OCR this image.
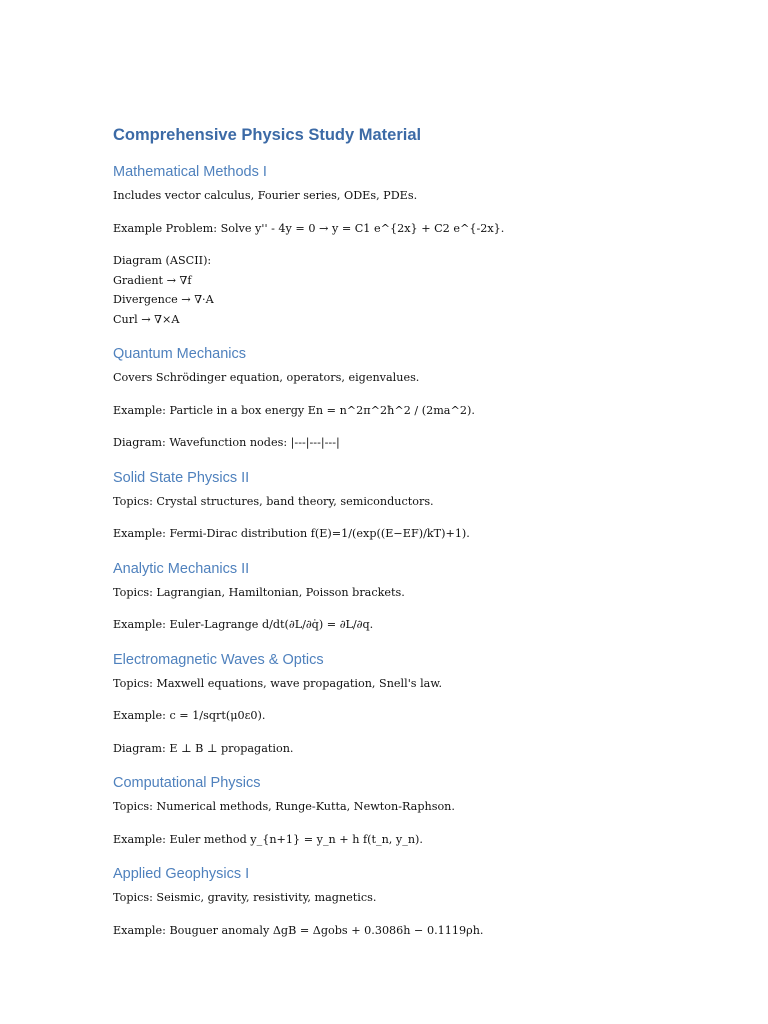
Comprehensive Physics Study Material
Mathematical Methods I
Includes vector calculus, Fourier series, ODEs, PDEs.
Example Problem: Solve y'' - 4y = 0 → y = C1 e^{2x} + C2 e^{-2x}.
Diagram (ASCII):
Gradient → ∇f
Divergence → ∇·A
Curl → ∇×A
Quantum Mechanics
Covers Schrödinger equation, operators, eigenvalues.
Example: Particle in a box energy En = n^2π^2ħ^2 / (2ma^2).
Diagram: Wavefunction nodes: |---|---|---|
Solid State Physics II
Topics: Crystal structures, band theory, semiconductors.
Example: Fermi-Dirac distribution f(E)=1/(exp((E−EF)/kT)+1).
Analytic Mechanics II
Topics: Lagrangian, Hamiltonian, Poisson brackets.
Example: Euler-Lagrange d/dt(∂L/∂q̇) = ∂L/∂q.
Electromagnetic Waves & Optics
Topics: Maxwell equations, wave propagation, Snell's law.
Example: c = 1/sqrt(μ0ε0).
Diagram: E ⊥ B ⊥ propagation.
Computational Physics
Topics: Numerical methods, Runge-Kutta, Newton-Raphson.
Example: Euler method y_{n+1} = y_n + h f(t_n, y_n).
Applied Geophysics I
Topics: Seismic, gravity, resistivity, magnetics.
Example: Bouguer anomaly ΔgB = Δgobs + 0.3086h − 0.1119ρh.
